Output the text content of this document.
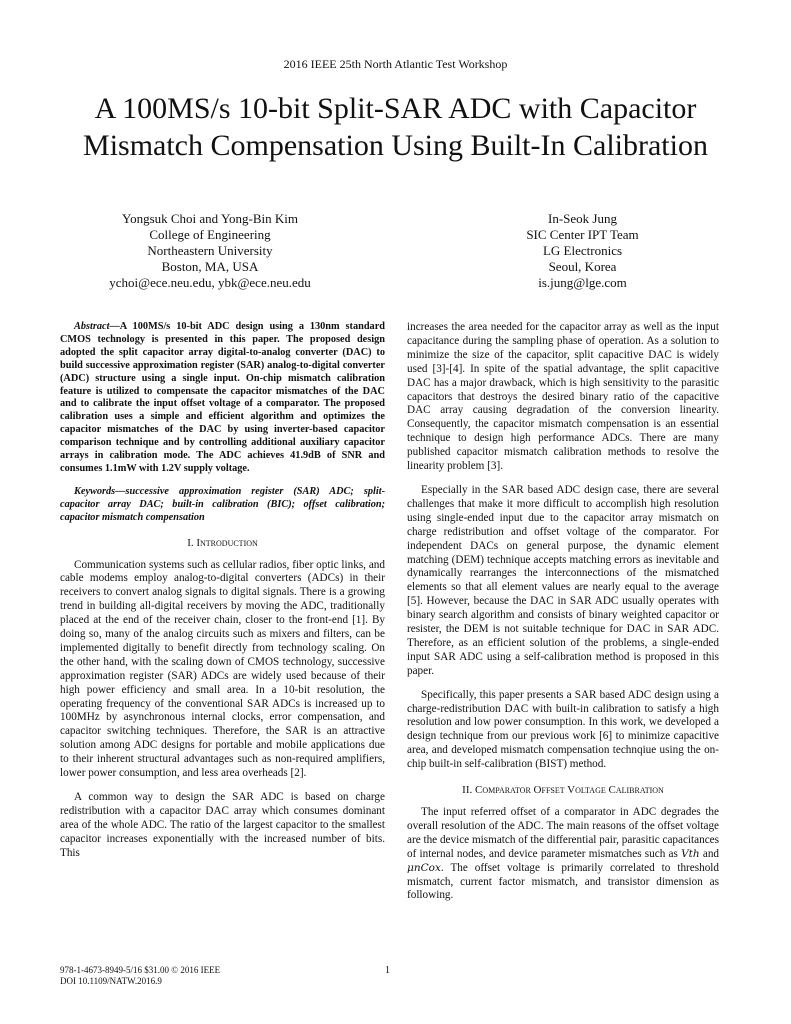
2016 IEEE 25th North Atlantic Test Workshop
A 100MS/s 10-bit Split-SAR ADC with Capacitor
Mismatch Compensation Using Built-In Calibration
Yongsuk Choi and Yong-Bin Kim
College of Engineering
Northeastern University
Boston, MA, USA
ychoi@ece.neu.edu, ybk@ece.neu.edu
In-Seok Jung
SIC Center IPT Team
LG Electronics
Seoul, Korea
is.jung@lge.com

Abstract—A 100MS/s 10-bit ADC design using a 130nm standard CMOS technology is presented in this paper. The proposed design adopted the split capacitor array digital-to-analog converter (DAC) to build successive approximation register (SAR) analog-to-digital converter (ADC) structure using a single input. On-chip mismatch calibration feature is utilized to compensate the capacitor mismatches of the DAC and to calibrate the input offset voltage of a comparator. The proposed calibration uses a simple and efficient algorithm and optimizes the capacitor mismatches of the DAC by using inverter-based capacitor comparison technique and by controlling additional auxiliary capacitor arrays in calibration mode. The ADC achieves 41.9dB of SNR and consumes 1.1mW with 1.2V supply voltage.

Keywords—successive approximation register (SAR) ADC; split-capacitor array DAC; built-in calibration (BIC); offset calibration; capacitor mismatch compensation

I. Introduction

Communication systems such as cellular radios, fiber optic links, and cable modems employ analog-to-digital converters (ADCs) in their receivers to convert analog signals to digital signals. There is a growing trend in building all-digital receivers by moving the ADC, traditionally placed at the end of the receiver chain, closer to the front-end [1]. By doing so, many of the analog circuits such as mixers and filters, can be implemented digitally to benefit directly from technology scaling. On the other hand, with the scaling down of CMOS technology, successive approximation register (SAR) ADCs are widely used because of their high power efficiency and small area. In a 10-bit resolution, the operating frequency of the conventional SAR ADCs is increased up to 100MHz by asynchronous internal clocks, error compensation, and capacitor switching techniques. Therefore, the SAR is an attractive solution among ADC designs for portable and mobile applications due to their inherent structural advantages such as non-required amplifiers, lower power consumption, and less area overheads [2].

A common way to design the SAR ADC is based on charge redistribution with a capacitor DAC array which consumes dominant area of the whole ADC. The ratio of the largest capacitor to the smallest capacitor increases exponentially with the increased number of bits. This

increases the area needed for the capacitor array as well as the input capacitance during the sampling phase of operation. As a solution to minimize the size of the capacitor, split capacitive DAC is widely used [3]-[4]. In spite of the spatial advantage, the split capacitive DAC has a major drawback, which is high sensitivity to the parasitic capacitors that destroys the desired binary ratio of the capacitive DAC array causing degradation of the conversion linearity. Consequently, the capacitor mismatch compensation is an essential technique to design high performance ADCs. There are many published capacitor mismatch calibration methods to resolve the linearity problem [3].

Especially in the SAR based ADC design case, there are several challenges that make it more difficult to accomplish high resolution using single-ended input due to the capacitor array mismatch on charge redistribution and offset voltage of the comparator. For independent DACs on general purpose, the dynamic element matching (DEM) technique accepts matching errors as inevitable and dynamically rearranges the interconnections of the mismatched elements so that all element values are nearly equal to the average [5]. However, because the DAC in SAR ADC usually operates with binary search algorithm and consists of binary weighted capacitor or resister, the DEM is not suitable technique for DAC in SAR ADC. Therefore, as an efficient solution of the problems, a single-ended input SAR ADC using a self-calibration method is proposed in this paper.

Specifically, this paper presents a SAR based ADC design using a charge-redistribution DAC with built-in calibration to satisfy a high resolution and low power consumption. In this work, we developed a design technique from our previous work [6] to minimize capacitive area, and developed mismatch compensation technqiue using the on-chip built-in self-calibration (BIST) method.

II. Comparator Offset Voltage Calibration

The input referred offset of a comparator in ADC degrades the overall resolution of the ADC. The main reasons of the offset voltage are the device mismatch of the differential pair, parasitic capacitances of internal nodes, and device parameter mismatches such as Vth and μnCox. The offset voltage is primarily correlated to threshold mismatch, current factor mismatch, and transistor dimension as following.

978-1-4673-8949-5/16 $31.00 © 2016 IEEE
DOI 10.1109/NATW.2016.9
1
